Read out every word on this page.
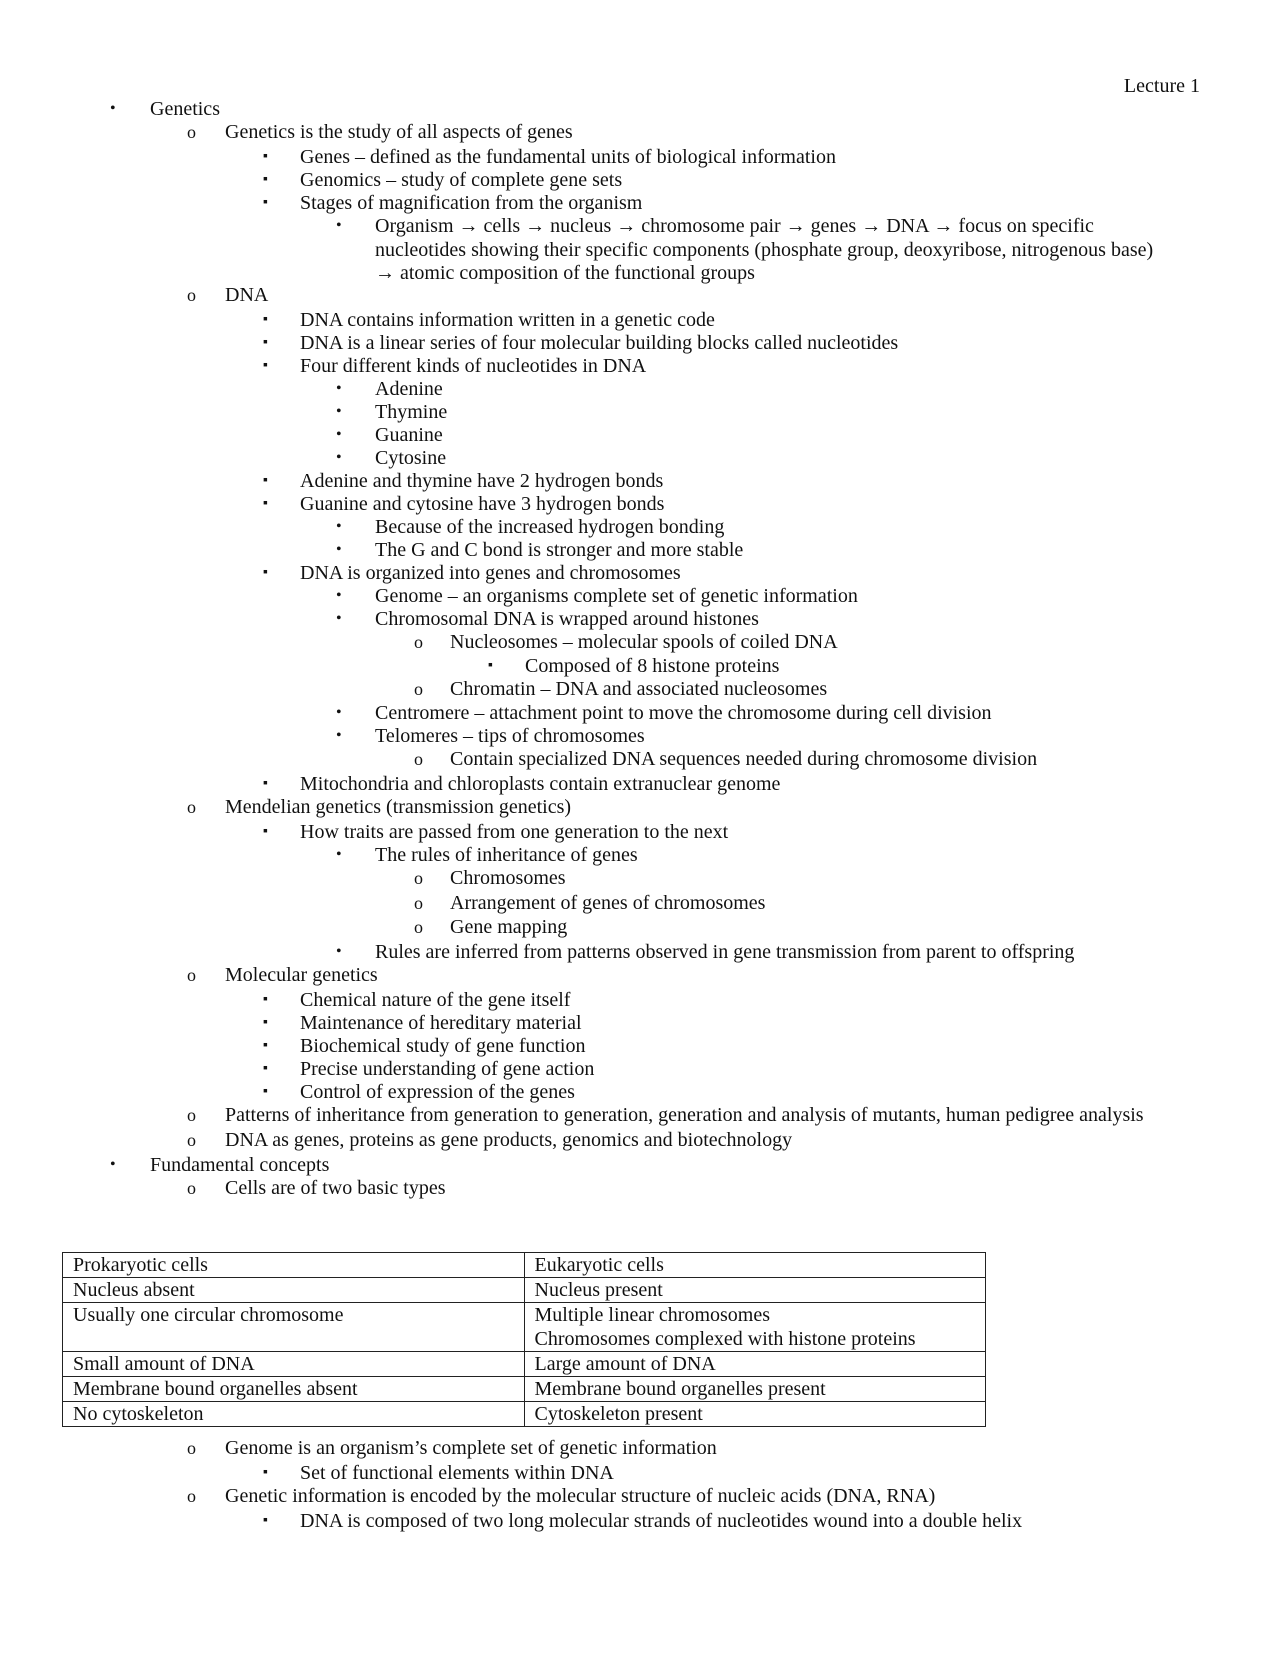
Lecture 1
• Genetics
o Genetics is the study of all aspects of genes
▪ Genes – defined as the fundamental units of biological information
▪ Genomics – study of complete gene sets
▪ Stages of magnification from the organism
• Organism → cells → nucleus → chromosome pair → genes → DNA → focus on specific
nucleotides showing their specific components (phosphate group, deoxyribose, nitrogenous base)
→ atomic composition of the functional groups
o DNA
▪ DNA contains information written in a genetic code
▪ DNA is a linear series of four molecular building blocks called nucleotides
▪ Four different kinds of nucleotides in DNA
• Adenine
• Thymine
• Guanine
• Cytosine
▪ Adenine and thymine have 2 hydrogen bonds
▪ Guanine and cytosine have 3 hydrogen bonds
• Because of the increased hydrogen bonding
• The G and C bond is stronger and more stable
▪ DNA is organized into genes and chromosomes
• Genome – an organisms complete set of genetic information
• Chromosomal DNA is wrapped around histones
o Nucleosomes – molecular spools of coiled DNA
▪ Composed of 8 histone proteins
o Chromatin – DNA and associated nucleosomes
• Centromere – attachment point to move the chromosome during cell division
• Telomeres – tips of chromosomes
o Contain specialized DNA sequences needed during chromosome division
▪ Mitochondria and chloroplasts contain extranuclear genome
o Mendelian genetics (transmission genetics)
▪ How traits are passed from one generation to the next
• The rules of inheritance of genes
o Chromosomes
o Arrangement of genes of chromosomes
o Gene mapping
• Rules are inferred from patterns observed in gene transmission from parent to offspring
o Molecular genetics
▪ Chemical nature of the gene itself
▪ Maintenance of hereditary material
▪ Biochemical study of gene function
▪ Precise understanding of gene action
▪ Control of expression of the genes
o Patterns of inheritance from generation to generation, generation and analysis of mutants, human pedigree analysis
o DNA as genes, proteins as gene products, genomics and biotechnology
• Fundamental concepts
o Cells are of two basic types
Prokaryotic cells	Eukaryotic cells
Nucleus absent	Nucleus present

Usually one circular chromosome	Multiple linear chromosomes
Chromosomes complexed with histone proteins

Small amount of DNA	Large amount of DNA
Membrane bound organelles absent	Membrane bound organelles present
No cytoskeleton	Cytoskeleton present
o Genome is an organism’s complete set of genetic information
▪ Set of functional elements within DNA
o Genetic information is encoded by the molecular structure of nucleic acids (DNA, RNA)
▪ DNA is composed of two long molecular strands of nucleotides wound into a double helix
